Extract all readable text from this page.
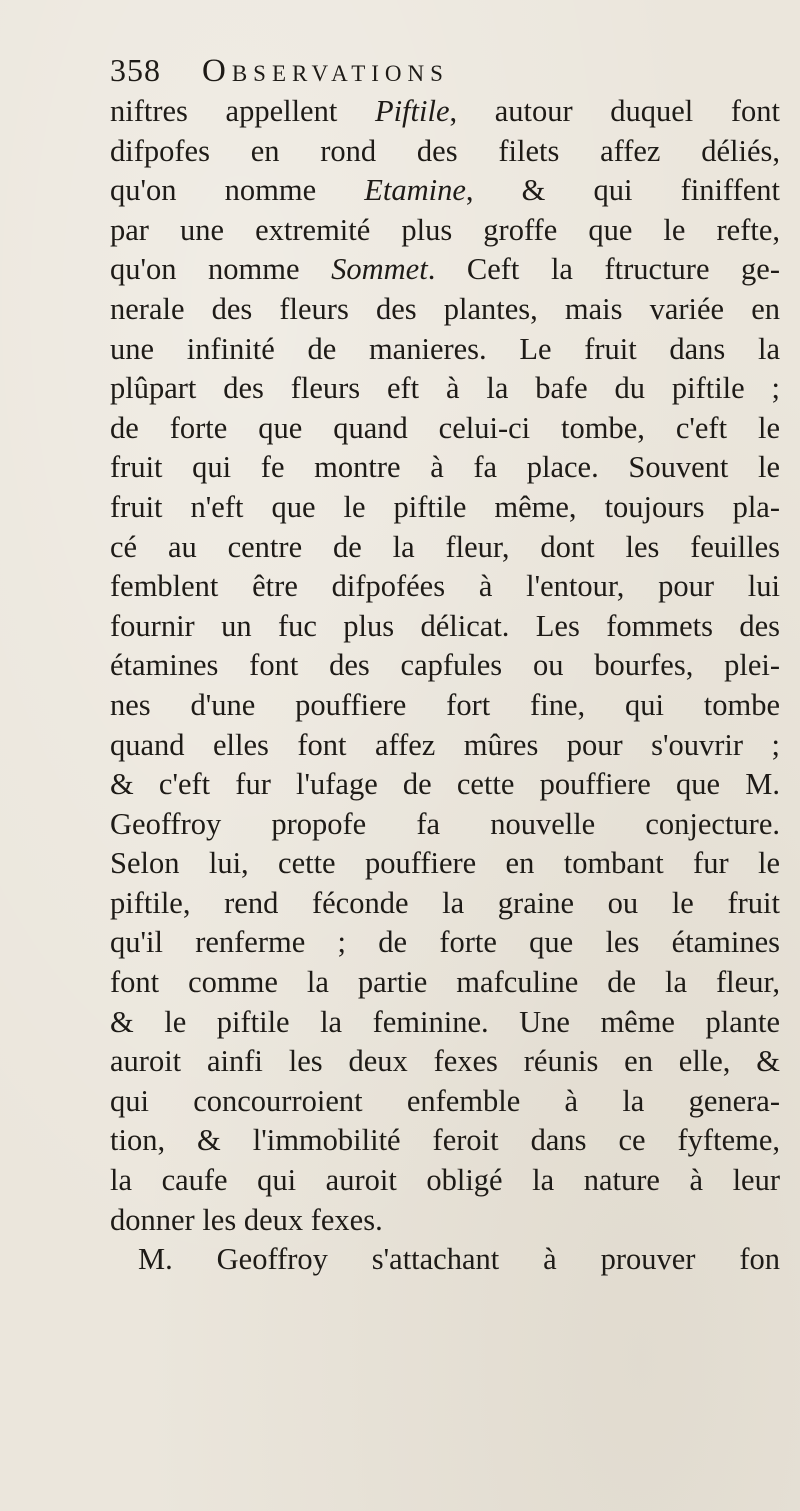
358 Observations
niftres appellent Piftile, autour duquel font
difpofes en rond des filets affez déliés,
qu'on nomme Etamine, & qui finiffent
par une extremité plus groffe que le refte,
qu'on nomme Sommet. Ceft la ftructure ge-
nerale des fleurs des plantes, mais variée en
une infinité de manieres. Le fruit dans la
plûpart des fleurs eft à la bafe du piftile ;
de forte que quand celui-ci tombe, c'eft le
fruit qui fe montre à fa place. Souvent le
fruit n'eft que le piftile même, toujours pla-
cé au centre de la fleur, dont les feuilles
femblent être difpofées à l'entour, pour lui
fournir un fuc plus délicat. Les fommets des
étamines font des capfules ou bourfes, plei-
nes d'une pouffiere fort fine, qui tombe
quand elles font affez mûres pour s'ouvrir ;
& c'eft fur l'ufage de cette pouffiere que M.
Geoffroy propofe fa nouvelle conjecture.
Selon lui, cette pouffiere en tombant fur le
piftile, rend féconde la graine ou le fruit
qu'il renferme ; de forte que les étamines
font comme la partie mafculine de la fleur,
& le piftile la feminine. Une même plante
auroit ainfi les deux fexes réunis en elle, &
qui concourroient enfemble à la genera-
tion, & l'immobilité feroit dans ce fyfteme,
la caufe qui auroit obligé la nature à leur
donner les deux fexes.
M. Geoffroy s'attachant à prouver fon
